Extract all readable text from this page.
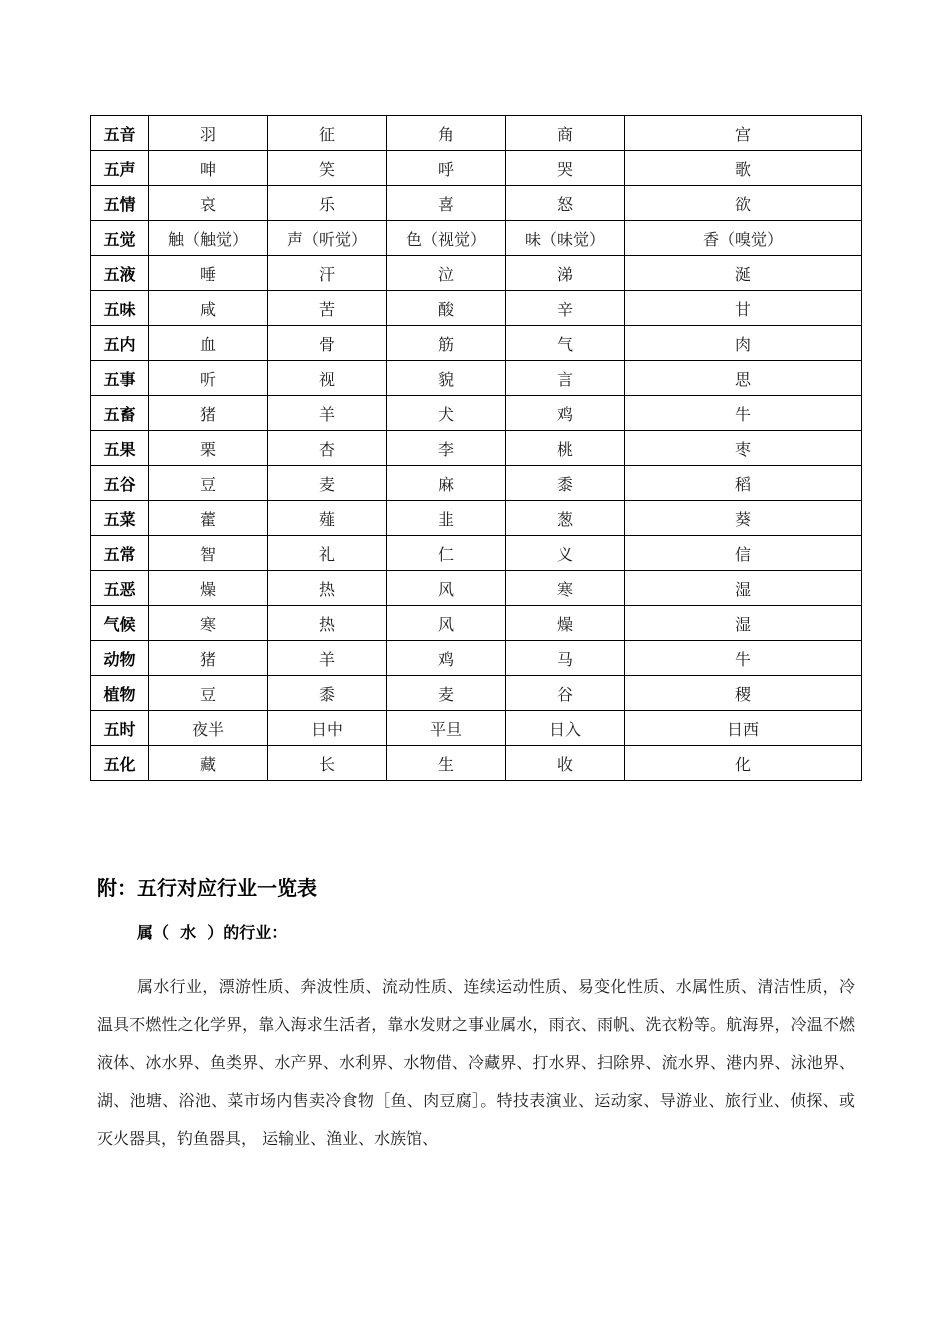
五音	羽	征	角	商	宫
五声	呻	笑	呼	哭	歌
五情	哀	乐	喜	怒	欲
五觉	触（触觉）	声（听觉）	色（视觉）	味（味觉）	香（嗅觉）
五液	唾	汗	泣	涕	涎
五味	咸	苦	酸	辛	甘
五内	血	骨	筋	气	肉
五事	听	视	貌	言	思
五畜	猪	羊	犬	鸡	牛
五果	栗	杏	李	桃	枣
五谷	豆	麦	麻	黍	稻
五菜	藿	薤	韭	葱	葵
五常	智	礼	仁	义	信
五恶	燥	热	风	寒	湿
气候	寒	热	风	燥	湿
动物	猪	羊	鸡	马	牛
植物	豆	黍	麦	谷	稷
五时	夜半	日中	平旦	日入	日西
五化	藏	长	生	收	化
附：五行对应行业一览表

属（  水  ）的行业：

属水行业，漂游性质、奔波性质、流动性质、连续运动性质、易变化性质、水属性质、清洁性质，冷温具不燃性之化学界，靠入海求生活者，靠水发财之事业属水，雨衣、雨帆、洗衣粉等。航海界，冷温不燃液体、冰水界、鱼类界、水产界、水利界、水物借、冷藏界、打水界、扫除界、流水界、港内界、泳池界、湖、池塘、浴池、菜市场内售卖冷食物［鱼、肉豆腐］。特技表演业、运动家、导游业、旅行业、侦探、或灭火器具，钓鱼器具， 运输业、渔业、水族馆、
